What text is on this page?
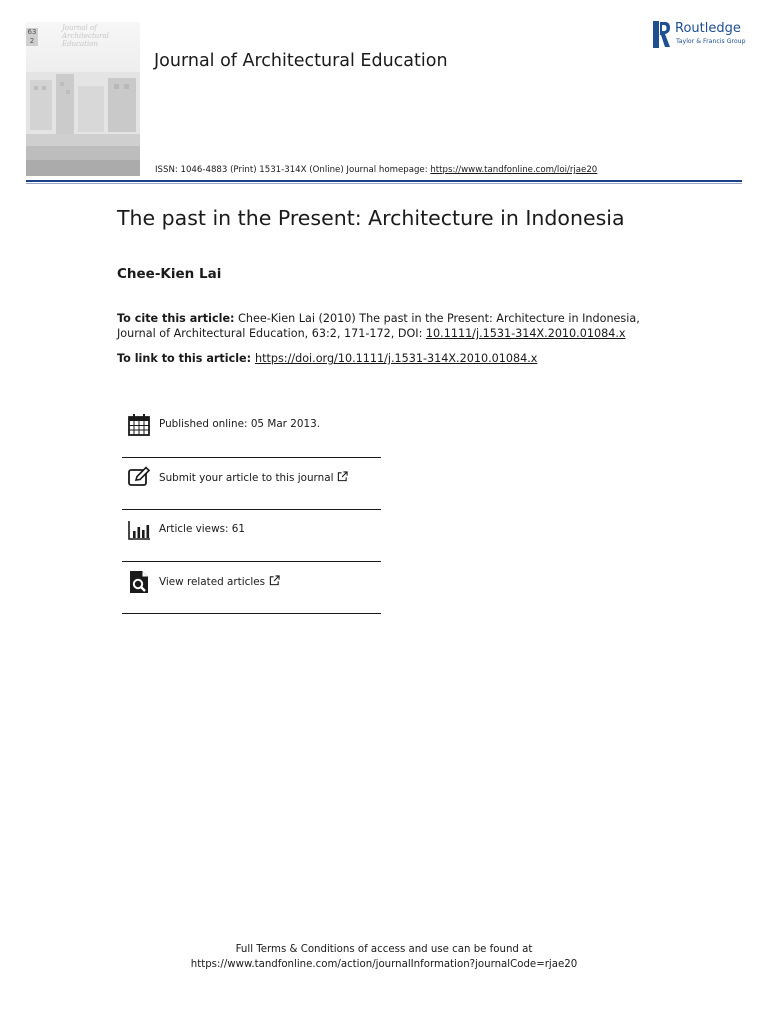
63 2
Journal of Architectural Education
Journal of Architectural Education
ISSN: 1046-4883 (Print) 1531-314X (Online) Journal homepage: https://www.tandfonline.com/loi/rjae20
Routledge
Taylor & Francis Group
The past in the Present: Architecture in Indonesia
Chee-Kien Lai
To cite this article: Chee-Kien Lai (2010) The past in the Present: Architecture in Indonesia, Journal of Architectural Education, 63:2, 171-172, DOI: 10.1111/j.1531-314X.2010.01084.x
To link to this article: https://doi.org/10.1111/j.1531-314X.2010.01084.x
Published online: 05 Mar 2013.
Submit your article to this journal
Article views: 61
View related articles
Full Terms & Conditions of access and use can be found at
https://www.tandfonline.com/action/journalInformation?journalCode=rjae20
